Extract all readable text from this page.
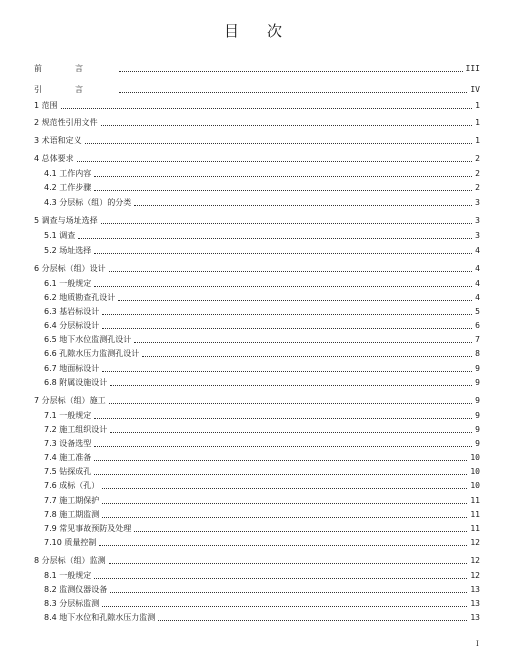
目次
前言	III
引言	IV
1 范围	1
2 规范性引用文件	1
3 术语和定义	1
4 总体要求	2
4.1 工作内容	2
4.2 工作步骤	2
4.3 分层标（组）的分类	3
5 调查与场址选择	3
5.1 调查	3
5.2 场址选择	4
6 分层标（组）设计	4
6.1 一般规定	4
6.2 地质勘查孔设计	4
6.3 基岩标设计	5
6.4 分层标设计	6
6.5 地下水位监测孔设计	7
6.6 孔隙水压力监测孔设计	8
6.7 地面标设计	9
6.8 附属设施设计	9
7 分层标（组）施工	9
7.1 一般规定	9
7.2 施工组织设计	9
7.3 设备选型	9
7.4 施工准备	10
7.5 钻探成孔	10
7.6 成标（孔）	10
7.7 施工期保护	11
7.8 施工期监测	11
7.9 常见事故预防及处理	11
7.10 质量控制	12
8 分层标（组）监测	12
8.1 一般规定	12
8.2 监测仪器设备	13
8.3 分层标监测	13
8.4 地下水位和孔隙水压力监测	13
I
